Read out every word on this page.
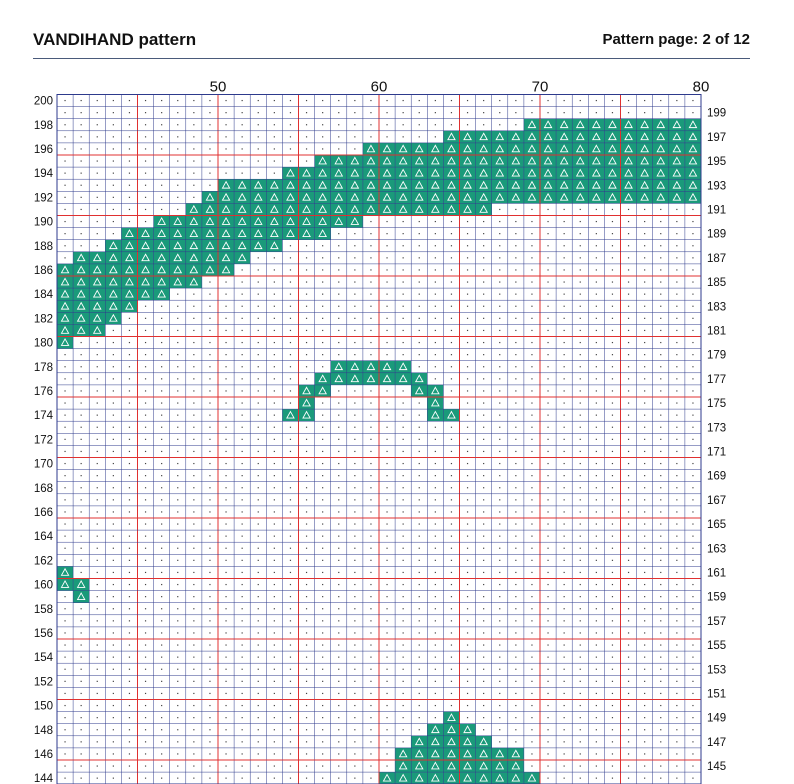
VANDIHAND pattern	Pattern page: 2 of 12
50	60	70	80
200
198
196
194
192
190
188
186
184
182
180
178
176
174
172
170
168
166
164
162
160
158
156
154
152
150
148
146
144
199
197
195
193
191
189
187
185
183
181
179
177
175
173
171
169
167
165
163
161
159
157
155
153
151
149
147
145
